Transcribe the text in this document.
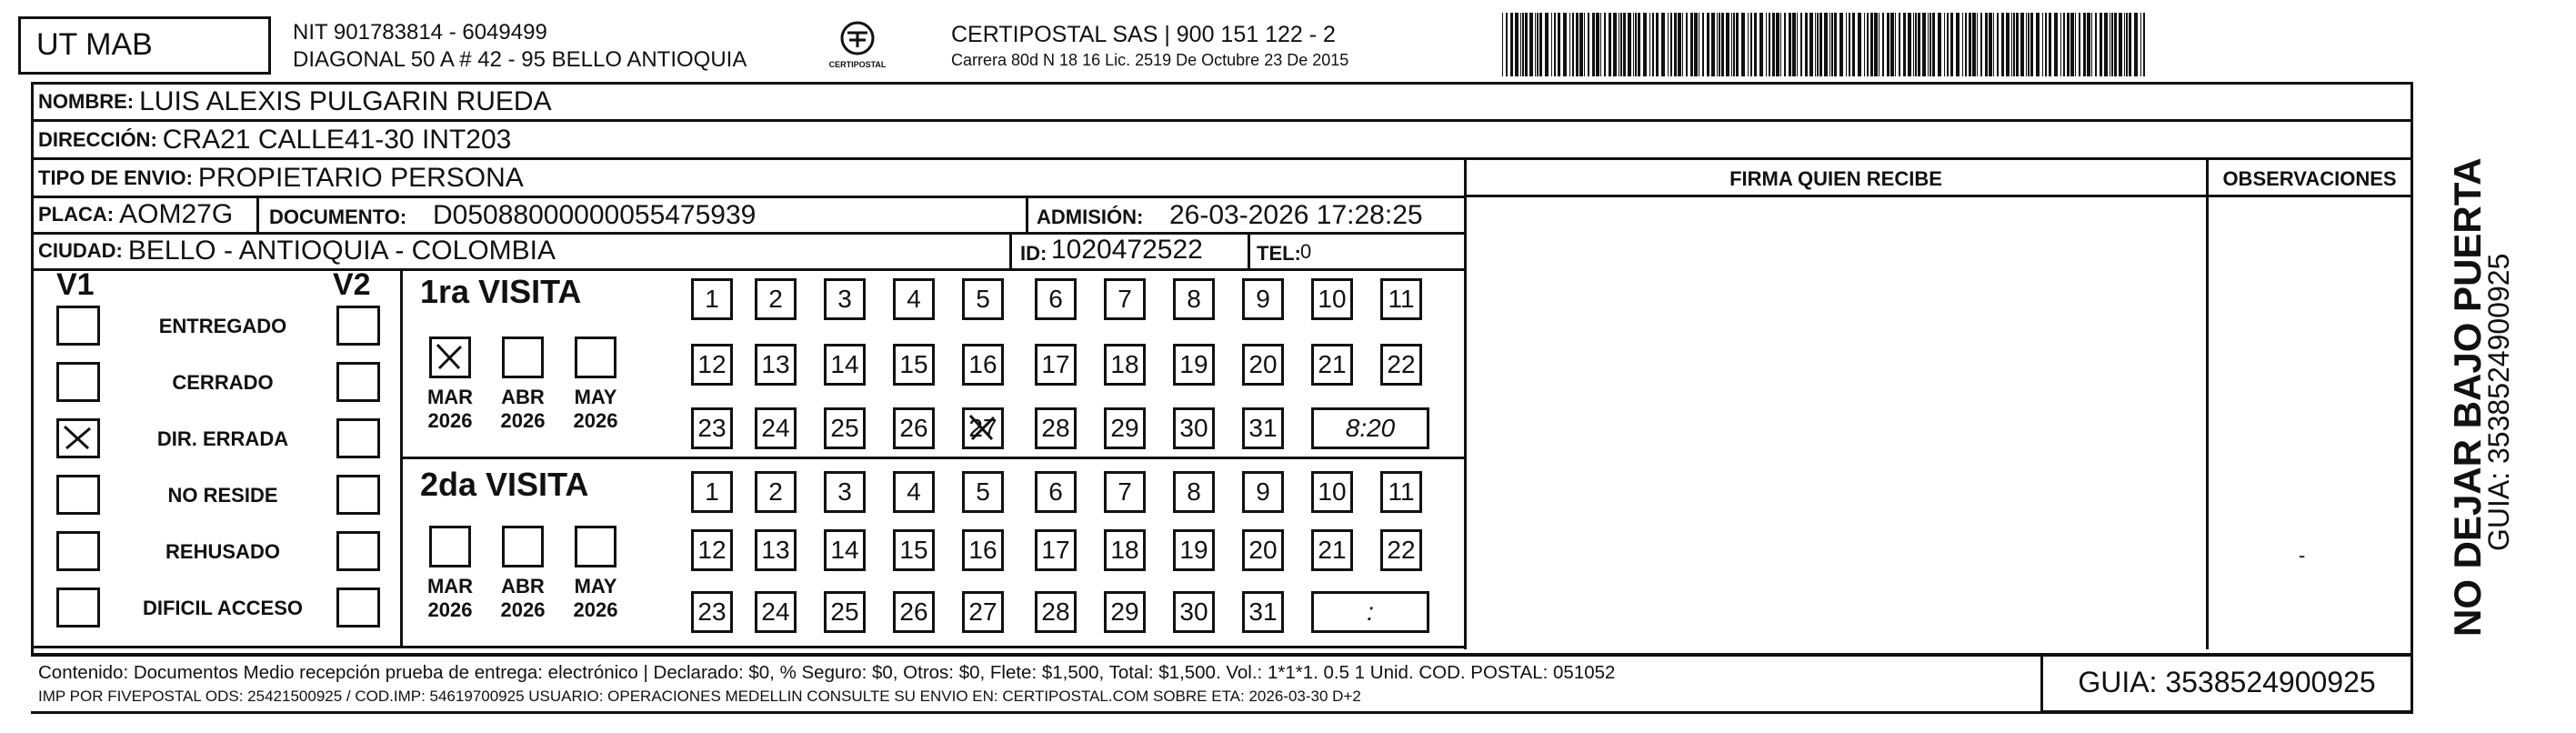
UT MAB	NIT 901783814 - 6049499
DIAGONAL 50 A # 42 - 95 BELLO ANTIOQUIA	CERTIPOSTAL
CERTIPOSTAL SAS | 900 151 122 - 2
Carrera 80d N 18 16 Lic. 2519 De Octubre 23 De 2015
NOMBRE: LUIS ALEXIS PULGARIN RUEDA
DIRECCIÓN: CRA21 CALLE41-30 INT203
TIPO DE ENVIO: PROPIETARIO PERSONA
PLACA: AOM27G DOCUMENTO: D05088000000055475939	ADMISIÓN: 26-03-2026 17:28:25
CIUDAD: BELLO - ANTIOQUIA - COLOMBIA	ID: 1020472522	TEL: 0
FIRMA QUIEN RECIBE	OBSERVACIONES
-
V1	V2
ENTREGADO
CERRADO
DIR. ERRADA
NO RESIDE
REHUSADO
DIFICIL ACCESO
1ra VISITA
2da VISITA
MAR
2026
ABR
2026
MAY
2026
MAR
2026
ABR
2026
MAY
2026
1 2 3 4 5 6 7 8 9 10 11
12 13 14 15 16 17 18 19 20 21 22
23 24 25 26 27 28 29 30 31	8:20
1 2 3 4 5 6 7 8 9 10 11
12 13 14 15 16 17 18 19 20 21 22
23 24 25 26 27 28 29 30 31	:
Contenido: Documentos Medio recepción prueba de entrega: electrónico | Declarado: $0, % Seguro: $0, Otros: $0, Flete: $1,500, Total: $1,500. Vol.: 1*1*1. 0.5 1 Unid. COD. POSTAL: 051052
IMP POR FIVEPOSTAL ODS: 25421500925 / COD.IMP: 54619700925 USUARIO: OPERACIONES MEDELLIN CONSULTE SU ENVIO EN: CERTIPOSTAL.COM SOBRE ETA: 2026-03-30 D+2	GUIA: 3538524900925
NO DEJAR BAJO PUERTA
GUIA: 3538524900925
